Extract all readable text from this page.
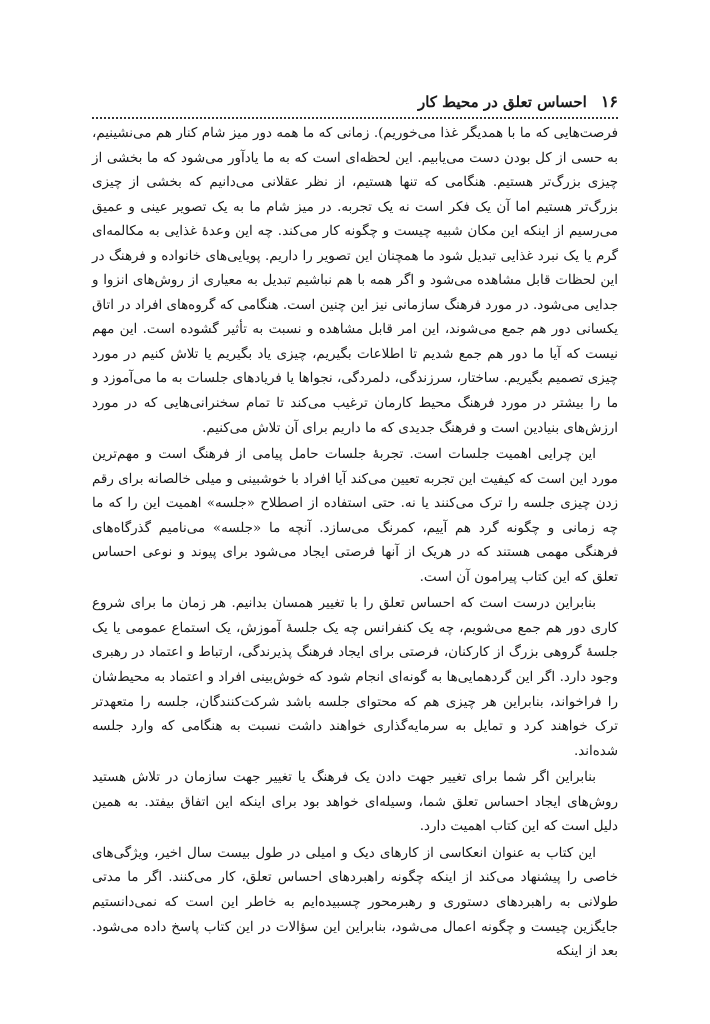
۱۶
احساس تعلق در محیط کار

فرصت‌هایی که ما با همدیگر غذا می‌خوریم). زمانی که ما همه دور میز شام کنار هم می‌نشینیم، به حسی از کل بودن دست می‌یابیم. این لحظه‌ای است که به ما یادآور می‌شود که ما بخشی از چیزی بزرگ‌تر هستیم. هنگامی که تنها هستیم، از نظر عقلانی می‌دانیم که بخشی از چیزی بزرگ‌تر هستیم اما آن یک فکر است نه یک تجربه. در میز شام ما به یک تصویر عینی و عمیق می‌رسیم از اینکه این مکان شبیه چیست و چگونه کار می‌کند. چه این وعدهٔ غذایی به مکالمه‌ای گرم یا یک نبرد غذایی تبدیل شود ما همچنان این تصویر را داریم. پویایی‌های خانواده و فرهنگ در این لحظات قابل مشاهده می‌شود و اگر همه با هم نباشیم تبدیل به معیاری از روش‌های انزوا و جدایی می‌شود. در مورد فرهنگ سازمانی نیز این چنین است. هنگامی که گروه‌های افراد در اتاق یکسانی دور هم جمع می‌شوند، این امر قابل مشاهده و نسبت به تأثیر گشوده است. این مهم نیست که آیا ما دور هم جمع شدیم تا اطلاعات بگیریم، چیزی یاد بگیریم یا تلاش کنیم در مورد چیزی تصمیم بگیریم. ساختار، سرزندگی، دلمردگی، نجواها یا فریادهای جلسات به ما می‌آموزد و ما را بیشتر در مورد فرهنگ محیط کارمان ترغیب می‌کند تا تمام سخنرانی‌هایی که در مورد ارزش‌های بنیادین است و فرهنگ جدیدی که ما داریم برای آن تلاش می‌کنیم.

این چرایی اهمیت جلسات است. تجربهٔ جلسات حامل پیامی از فرهنگ است و مهم‌ترین مورد این است که کیفیت این تجربه تعیین می‌کند آیا افراد با خوشبینی و میلی خالصانه برای رقم زدن چیزی جلسه را ترک می‌کنند یا نه. حتی استفاده از اصطلاح «جلسه» اهمیت این را که ما چه زمانی و چگونه گرد هم آییم، کمرنگ می‌سازد. آنچه ما «جلسه» می‌نامیم گذرگاه‌های فرهنگی مهمی هستند که در هریک از آنها فرصتی ایجاد می‌شود برای پیوند و نوعی احساس تعلق که این کتاب پیرامون آن است.

بنابراین درست است که احساس تعلق را با تغییر همسان بدانیم. هر زمان ما برای شروع کاری دور هم جمع می‌شویم، چه یک کنفرانس چه یک جلسهٔ آموزش، یک استماع عمومی یا یک جلسهٔ گروهی بزرگ از کارکنان، فرصتی برای ایجاد فرهنگ پذیرندگی، ارتباط و اعتماد در رهبری وجود دارد. اگر این گردهمایی‌ها به گونه‌ای انجام شود که خوش‌بینی افراد و اعتماد به محیط‌شان را فراخواند، بنابراین هر چیزی هم که محتوای جلسه باشد شرکت‌کنندگان، جلسه را متعهدتر ترک خواهند کرد و تمایل به سرمایه‌گذاری خواهند داشت نسبت به هنگامی که وارد جلسه شده‌اند.

بنابراین اگر شما برای تغییر جهت دادن یک فرهنگ یا تغییر جهت سازمان در تلاش هستید روش‌های ایجاد احساس تعلق شما، وسیله‌ای خواهد بود برای اینکه این اتفاق بیفتد. به همین دلیل است که این کتاب اهمیت دارد.

این کتاب به عنوان انعکاسی از کارهای دیک و امیلی در طول بیست سال اخیر، ویژگی‌های خاصی را پیشنهاد می‌کند از اینکه چگونه راهبردهای احساس تعلق، کار می‌کنند. اگر ما مدتی طولانی به راهبردهای دستوری و رهبرمحور چسبیده‌ایم به خاطر این است که نمی‌دانستیم جایگزین چیست و چگونه اعمال می‌شود، بنابراین این سؤالات در این کتاب پاسخ داده می‌شود. بعد از اینکه
